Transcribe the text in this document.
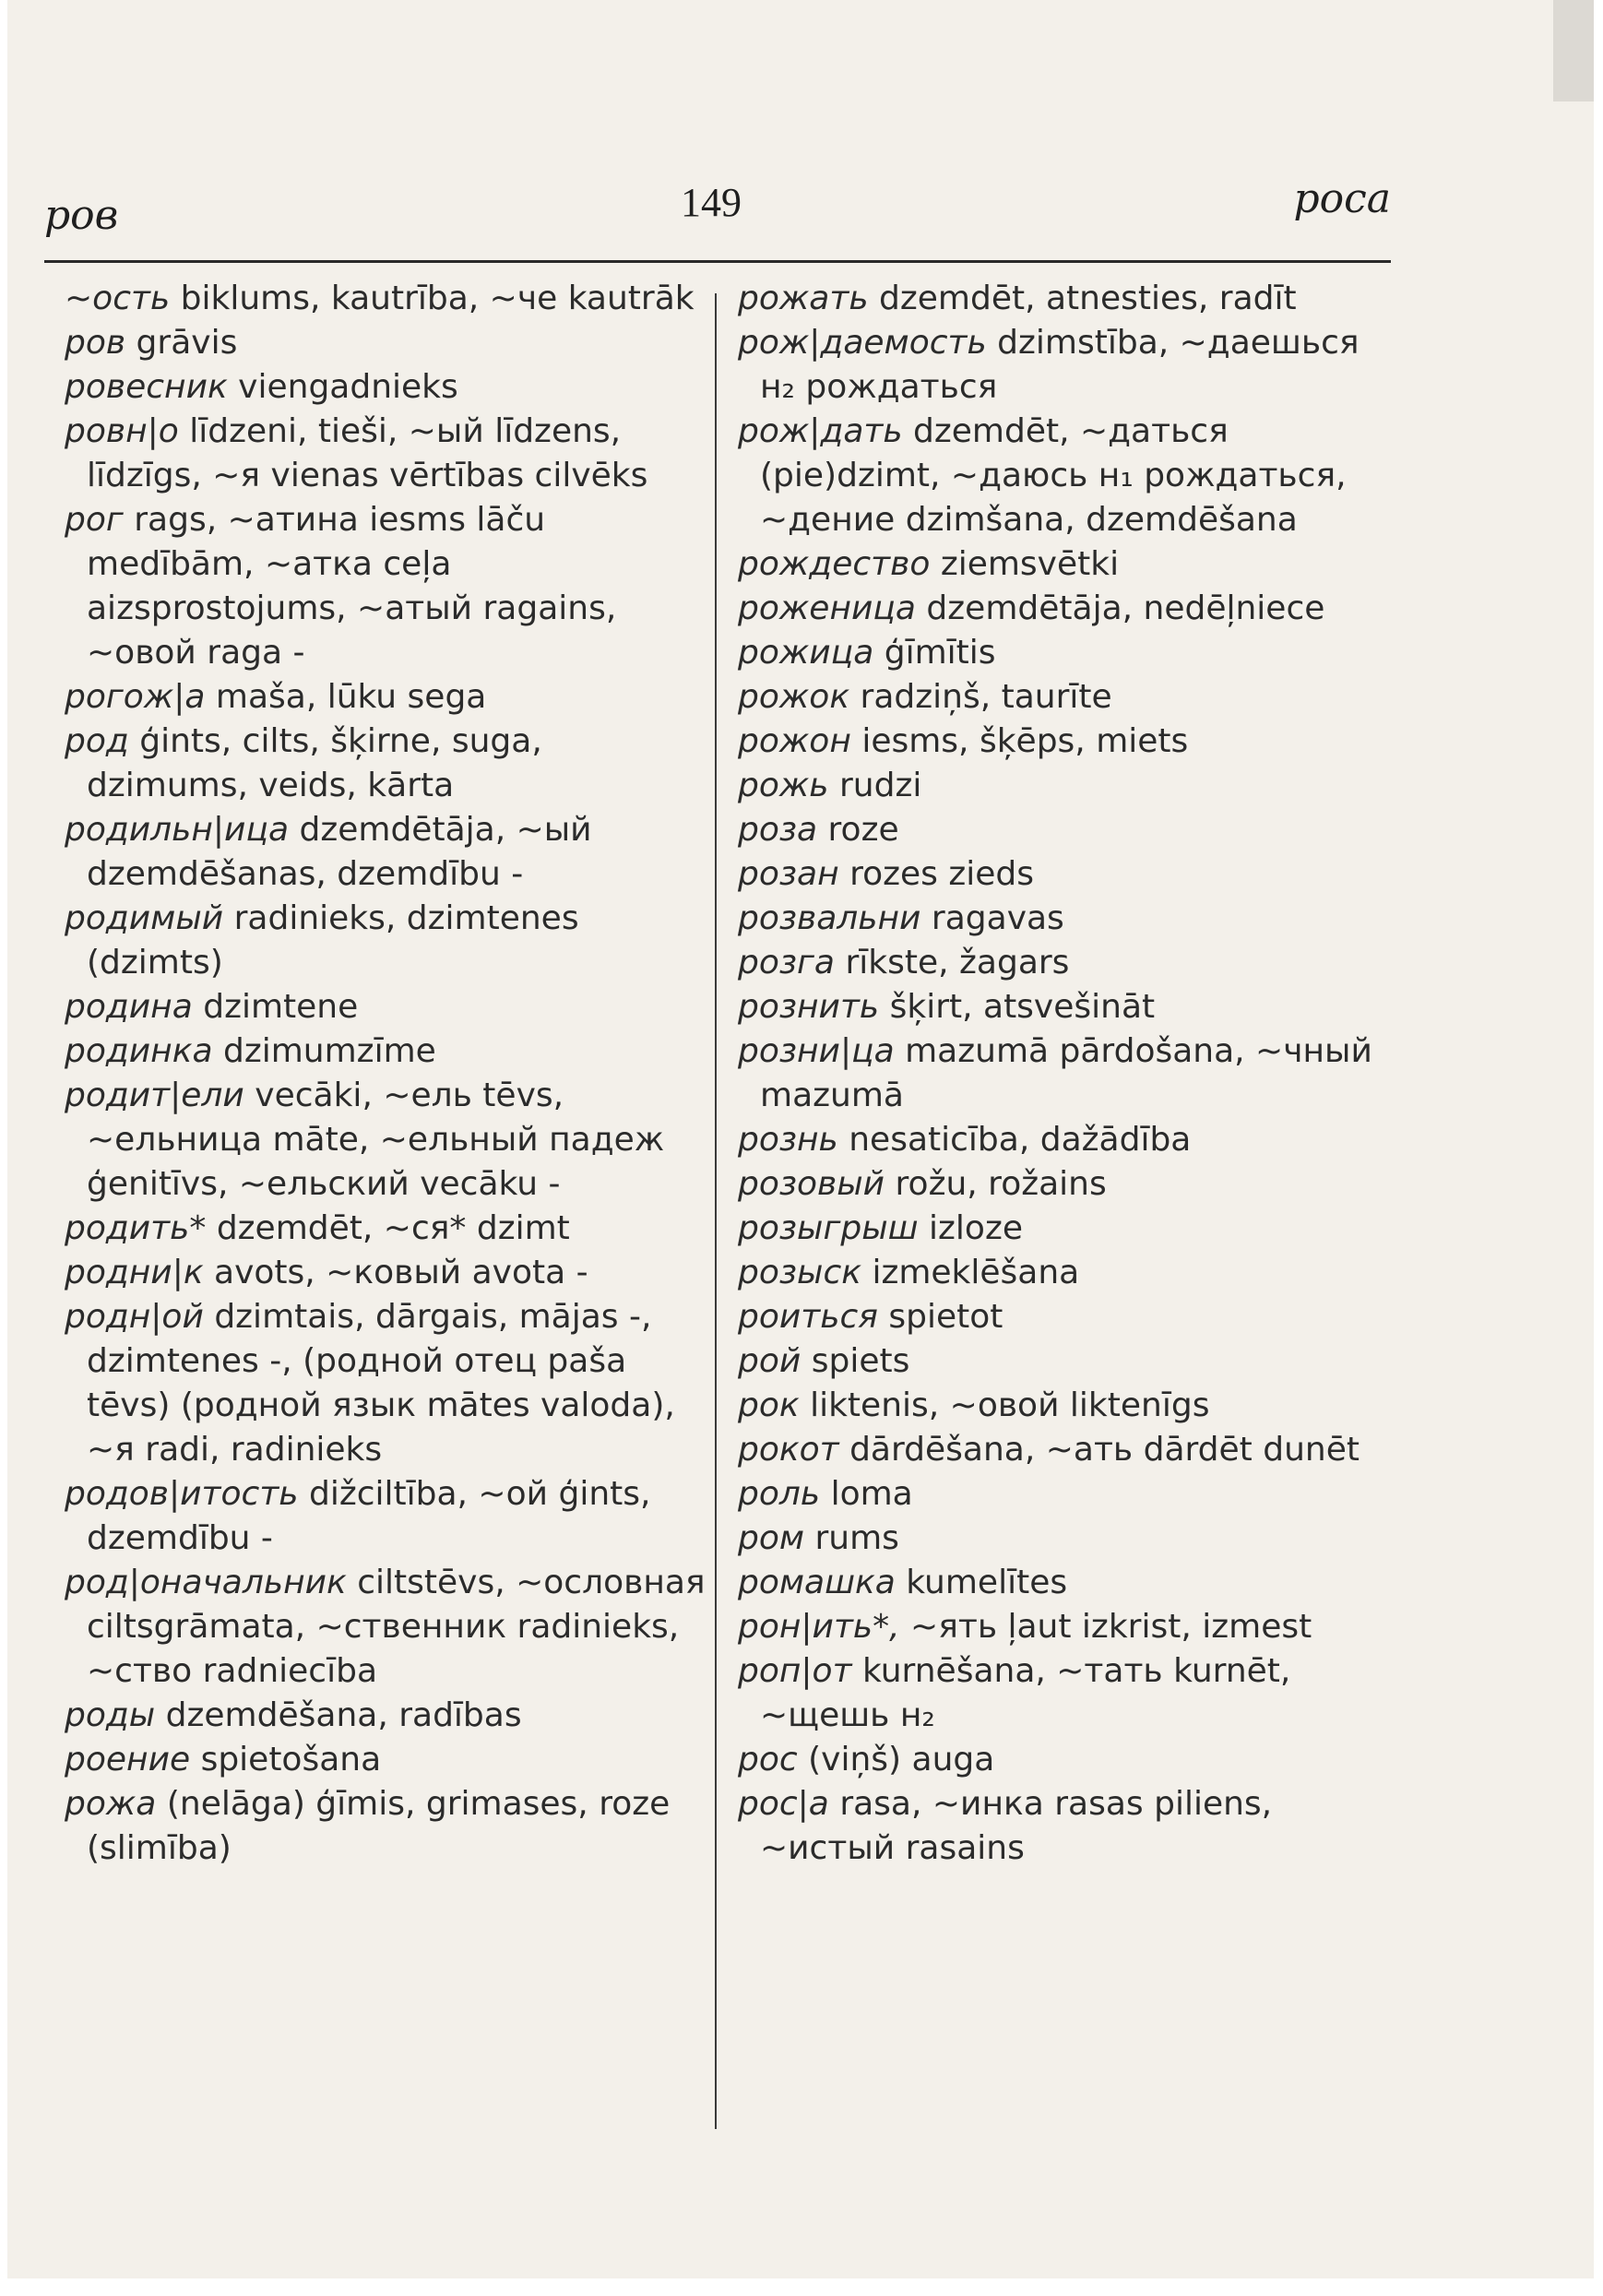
ров	149	роса
~ость biklums, kautrība, ~че kautrāk
ров grāvis
ровесник viengadnieks
ровн|о līdzeni, tieši, ~ый līdzens, līdzīgs, ~я vienas vērtības cilvēks
рог rags, ~атина iesms lāču medībām, ~атка ceļa aizsprostojums, ~атый ragains, ~овой raga -
рогож|а maša, lūku sega
род ģints, cilts, šķirne, suga, dzimums, veids, kārta
родильн|ица dzemdētāja, ~ый dzemdēšanas, dzemdību -
родимый radinieks, dzimtenes (dzimts)
родина dzimtene
родинка dzimumzīme
родит|ели vecāki, ~ель tēvs, ~ельница māte, ~ельный падеж ģenitīvs, ~ельский vecāku -
родить* dzemdēt, ~ся* dzimt
родни|к avots, ~ковый avota -
родн|ой dzimtais, dārgais, mājas -, dzimtenes -, (родной отец paša tēvs) (родной язык mātes valoda), ~я radi, radinieks
родов|итость dižciltība, ~ой ģints, dzemdību -
род|оначальник ciltstēvs, ~ословная ciltsgrāmata, ~ственник radinieks, ~ство radniecība
роды dzemdēšana, radības
роение spietošana
рожа (nelāga) ģīmis, grimases, roze (slimība)
рожать dzemdēt, atnesties, radīt
рож|даемость dzimstība, ~даешься н₂ рождаться
рож|дать dzemdēt, ~даться (pie)dzimt, ~даюсь н₁ рождаться, ~дение dzimšana, dzemdēšana
рождество ziemsvētki
роженица dzemdētāja, nedēļniece
рожица ģīmītis
рожок radziņš, taurīte
рожон iesms, šķēps, miets
рожь rudzi
роза roze
розан rozes zieds
розвальни ragavas
розга rīkste, žagars
рознить šķirt, atsvešināt
розни|ца mazumā pārdošana, ~чный mazumā
рознь nesaticība, dažādība
розовый rožu, rožains
розыгрыш izloze
розыск izmeklēšana
роиться spietot
рой spiets
рок liktenis, ~овой liktenīgs
рокот dārdēšana, ~ать dārdēt dunēt
роль loma
ром rums
ромашка kumelītes
рон|ить*, ~ять ļaut izkrist, izmest
роп|от kurnēšana, ~тать kurnēt, ~щешь н₂
рос (viņš) auga
рос|а rasa, ~инка rasas piliens, ~истый rasains
